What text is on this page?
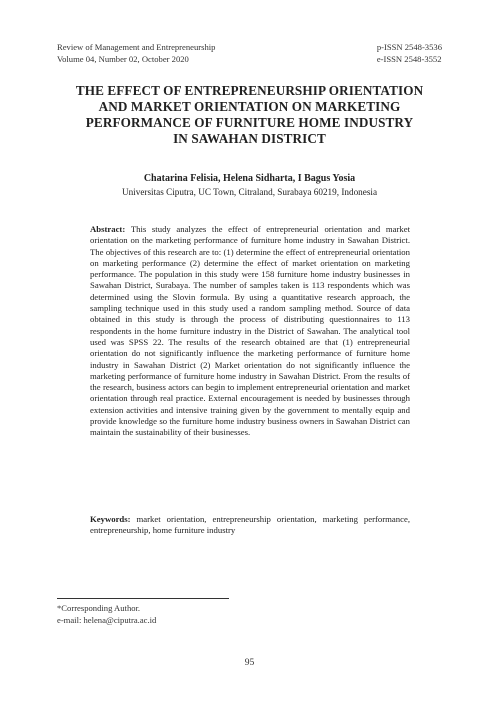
Review of Management and Entrepreneurship
Volume 04, Number 02, October 2020
p-ISSN 2548-3536
e-ISSN 2548-3552
THE EFFECT OF ENTREPRENEURSHIP ORIENTATION
AND MARKET ORIENTATION ON MARKETING
PERFORMANCE OF FURNITURE HOME INDUSTRY
IN SAWAHAN DISTRICT
Chatarina Felisia, Helena Sidharta, I Bagus Yosia
Universitas Ciputra, UC Town, Citraland, Surabaya 60219, Indonesia
Abstract: This study analyzes the effect of entrepreneurial orientation and market orientation on the marketing performance of furniture home industry in Sawahan District. The objectives of this research are to: (1) determine the effect of entrepreneurial orientation on marketing performance (2) determine the effect of market orientation on marketing performance. The population in this study were 158 furniture home industry businesses in Sawahan District, Surabaya. The number of samples taken is 113 respondents which was determined using the Slovin formula. By using a quantitative research approach, the sampling technique used in this study used a random sampling method. Source of data obtained in this study is through the process of distributing questionnaires to 113 respondents in the home furniture industry in the District of Sawahan. The analytical tool used was SPSS 22. The results of the research obtained are that (1) entrepreneurial orientation do not significantly influence the marketing performance of furniture home industry in Sawahan District (2) Market orientation do not significantly influence the marketing performance of furniture home industry in Sawahan District. From the results of the research, business actors can begin to implement entrepreneurial orientation and market orientation through real practice. External encouragement is needed by businesses through extension activities and intensive training given by the government to mentally equip and provide knowledge so the furniture home industry business owners in Sawahan District can maintain the sustainability of their businesses.
Keywords: market orientation, entrepreneurship orientation, marketing performance, entrepreneurship, home furniture industry
*Corresponding Author.
e-mail: helena@ciputra.ac.id
95
